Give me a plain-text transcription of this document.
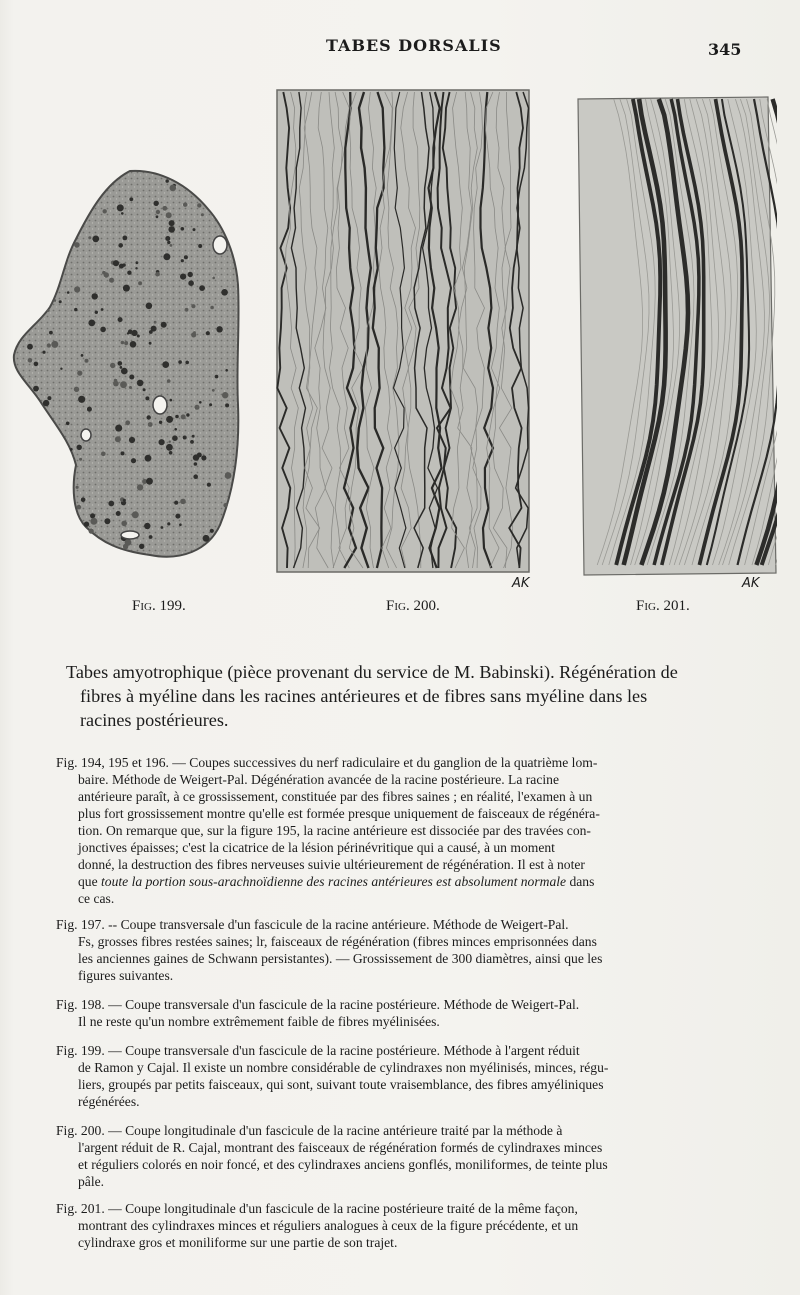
TABES DORSALIS	345
AK	AK
Fig. 199.	Fig. 200.	Fig. 201.
Tabes amyotrophique (pièce provenant du service de M. Babinski). Régénération de
fibres à myéline dans les racines antérieures et de fibres sans myéline dans les
racines postérieures.
Fig. 194, 195 et 196. — Coupes successives du nerf radiculaire et du ganglion de la quatrième lom-
baire. Méthode de Weigert-Pal. Dégénération avancée de la racine postérieure. La racine
antérieure paraît, à ce grossissement, constituée par des fibres saines ; en réalité, l'examen à un
plus fort grossissement montre qu'elle est formée presque uniquement de faisceaux de régénéra-
tion. On remarque que, sur la figure 195, la racine antérieure est dissociée par des travées con-
jonctives épaisses; c'est la cicatrice de la lésion périnévritique qui a causé, à un moment
donné, la destruction des fibres nerveuses suivie ultérieurement de régénération. Il est à noter
que toute la portion sous-arachnoïdienne des racines antérieures est absolument normale dans
ce cas.
Fig. 197. -- Coupe transversale d'un fascicule de la racine antérieure. Méthode de Weigert-Pal.
Fs, grosses fibres restées saines; lr, faisceaux de régénération (fibres minces emprisonnées dans
les anciennes gaines de Schwann persistantes). — Grossissement de 300 diamètres, ainsi que les
figures suivantes.
Fig. 198. — Coupe transversale d'un fascicule de la racine postérieure. Méthode de Weigert-Pal.
Il ne reste qu'un nombre extrêmement faible de fibres myélinisées.
Fig. 199. — Coupe transversale d'un fascicule de la racine postérieure. Méthode à l'argent réduit
de Ramon y Cajal. Il existe un nombre considérable de cylindraxes non myélinisés, minces, régu-
liers, groupés par petits faisceaux, qui sont, suivant toute vraisemblance, des fibres amyéliniques
régénérées.
Fig. 200. — Coupe longitudinale d'un fascicule de la racine antérieure traité par la méthode à
l'argent réduit de R. Cajal, montrant des faisceaux de régénération formés de cylindraxes minces
et réguliers colorés en noir foncé, et des cylindraxes anciens gonflés, moniliformes, de teinte plus
pâle.
Fig. 201. — Coupe longitudinale d'un fascicule de la racine postérieure traité de la même façon,
montrant des cylindraxes minces et réguliers analogues à ceux de la figure précédente, et un
cylindraxe gros et moniliforme sur une partie de son trajet.
